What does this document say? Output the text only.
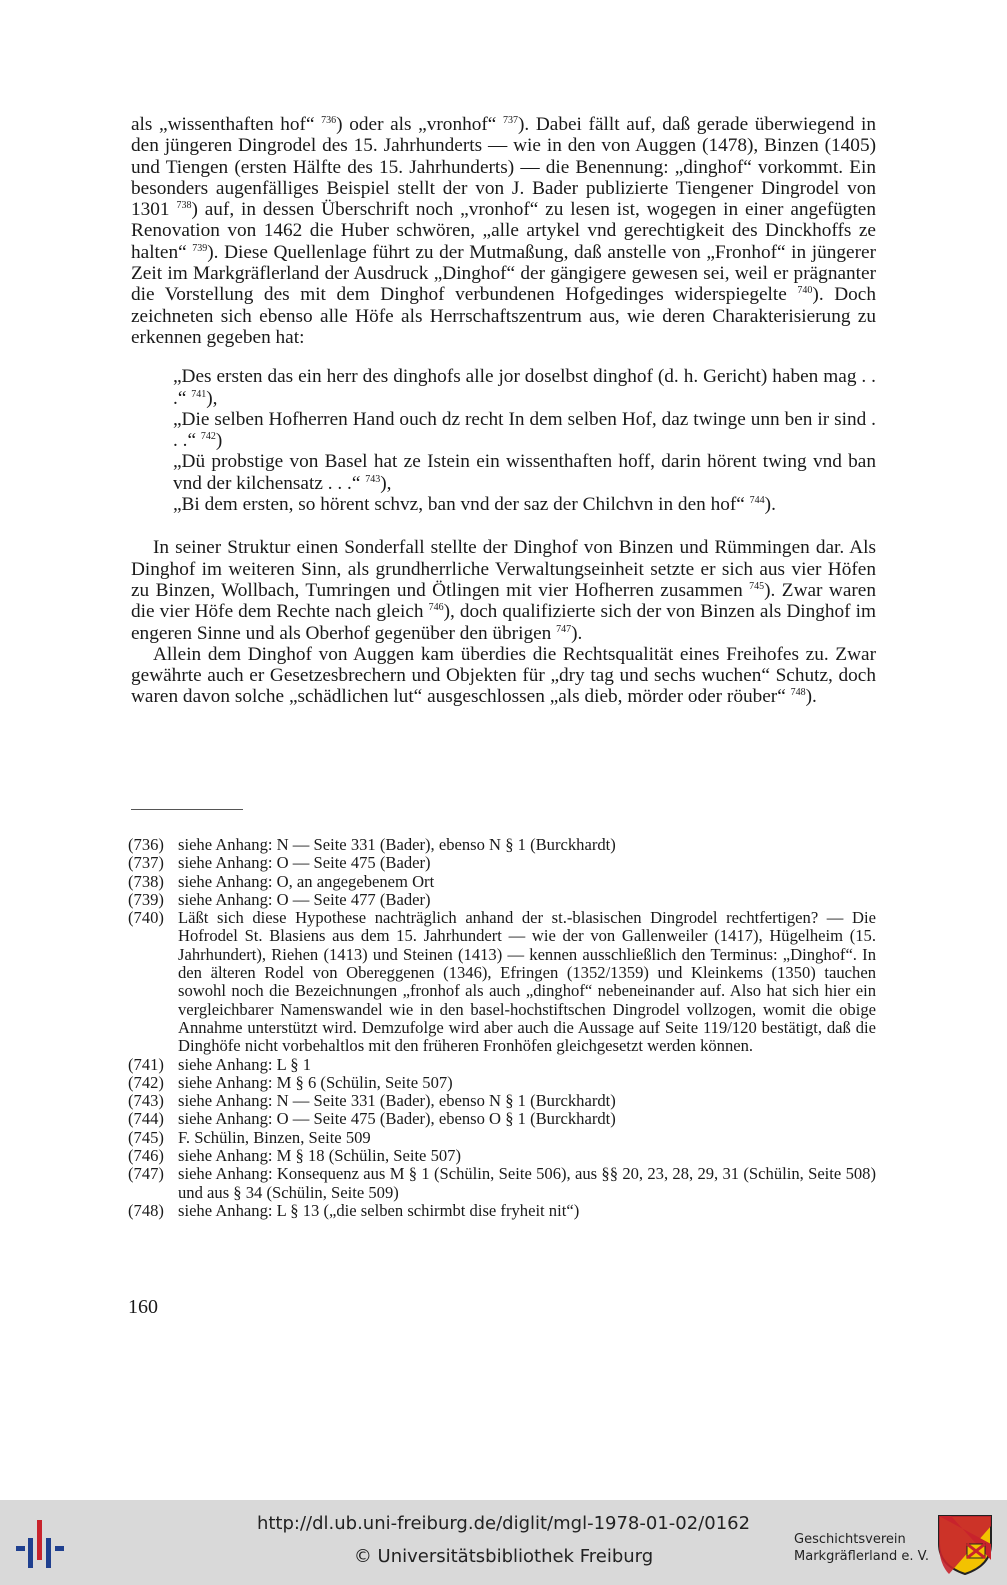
als „wissenthaften hof“ $^{736}$) oder als „vronhof“ $^{737}$). Dabei fällt auf, daß gerade überwiegend in den jüngeren Dingrodel des 15. Jahrhunderts — wie in den von Auggen (1478), Binzen (1405) und Tiengen (ersten Hälfte des 15. Jahrhunderts) — die Benennung: „dinghof“ vorkommt. Ein besonders augenfälliges Beispiel stellt der von J. Bader publizierte Tiengener Dingrodel von 1301 $^{738}$) auf, in dessen Überschrift noch „vronhof“ zu lesen ist, wogegen in einer angefügten Renovation von 1462 die Huber schwören, „alle artykel vnd gerechtigkeit des Dinckhoffs ze halten“ $^{739}$). Diese Quellenlage führt zu der Mutmaßung, daß anstelle von „Fronhof“ in jüngerer Zeit im Markgräflerland der Ausdruck „Dinghof“ der gängigere gewesen sei, weil er prägnanter die Vorstellung des mit dem Dinghof verbundenen Hofgedinges widerspiegelte $^{740}$). Doch zeichneten sich ebenso alle Höfe als Herrschaftszentrum aus, wie deren Charakterisierung zu erkennen gegeben hat:

„Des ersten das ein herr des dinghofs alle jor doselbst dinghof (d. h. Gericht) haben mag . . .“ $^{741}$),

„Die selben Hofherren Hand ouch dz recht In dem selben Hof, daz twinge unn ben ir sind . . .“ $^{742}$)

„Dü probstige von Basel hat ze Istein ein wissenthaften hoff, darin hörent twing vnd ban vnd der kilchensatz . . .“ $^{743}$),

„Bi dem ersten, so hörent schvz, ban vnd der saz der Chilchvn in den hof“ $^{744}$).

In seiner Struktur einen Sonderfall stellte der Dinghof von Binzen und Rümmingen dar. Als Dinghof im weiteren Sinn, als grundherrliche Verwaltungseinheit setzte er sich aus vier Höfen zu Binzen, Wollbach, Tumringen und Ötlingen mit vier Hofherren zusammen $^{745}$). Zwar waren die vier Höfe dem Rechte nach gleich $^{746}$), doch qualifizierte sich der von Binzen als Dinghof im engeren Sinne und als Oberhof gegenüber den übrigen $^{747}$).

Allein dem Dinghof von Auggen kam überdies die Rechtsqualität eines Freihofes zu. Zwar gewährte auch er Gesetzesbrechern und Objekten für „dry tag und sechs wuchen“ Schutz, doch waren davon solche „schädlichen lut“ ausgeschlossen „als dieb, mörder oder röuber“ $^{748}$).

(736) siehe Anhang: N — Seite 331 (Bader), ebenso N § 1 (Burckhardt)
(737) siehe Anhang: O — Seite 475 (Bader)
(738) siehe Anhang: O, an angegebenem Ort
(739) siehe Anhang: O — Seite 477 (Bader)
(740) Läßt sich diese Hypothese nachträglich anhand der st.-blasischen Dingrodel rechtfertigen? — Die Hofrodel St. Blasiens aus dem 15. Jahrhundert — wie der von Gallenweiler (1417), Hügelheim (15. Jahrhundert), Riehen (1413) und Steinen (1413) — kennen ausschließlich den Terminus: „Dinghof“. In den älteren Rodel von Obereggenen (1346), Efringen (1352/1359) und Kleinkems (1350) tauchen sowohl noch die Bezeichnungen „fronhof als auch „dinghof“ nebeneinander auf. Also hat sich hier ein vergleichbarer Namenswandel wie in den basel-hochstiftschen Dingrodel vollzogen, womit die obige Annahme unterstützt wird. Demzufolge wird aber auch die Aussage auf Seite 119/120 bestätigt, daß die Dinghöfe nicht vorbehaltlos mit den früheren Fronhöfen gleichgesetzt werden können.
(741) siehe Anhang: L § 1
(742) siehe Anhang: M § 6 (Schülin, Seite 507)
(743) siehe Anhang: N — Seite 331 (Bader), ebenso N § 1 (Burckhardt)
(744) siehe Anhang: O — Seite 475 (Bader), ebenso O § 1 (Burckhardt)
(745) F. Schülin, Binzen, Seite 509
(746) siehe Anhang: M § 18 (Schülin, Seite 507)
(747) siehe Anhang: Konsequenz aus M § 1 (Schülin, Seite 506), aus §§ 20, 23, 28, 29, 31 (Schülin, Seite 508) und aus § 34 (Schülin, Seite 509)
(748) siehe Anhang: L § 13 („die selben schirmbt dise fryheit nit“)
160
http://dl.ub.uni-freiburg.de/diglit/mgl-1978-01-02/0162
© Universitätsbibliothek Freiburg
Geschichtsverein
Markgräflerland e. V.
